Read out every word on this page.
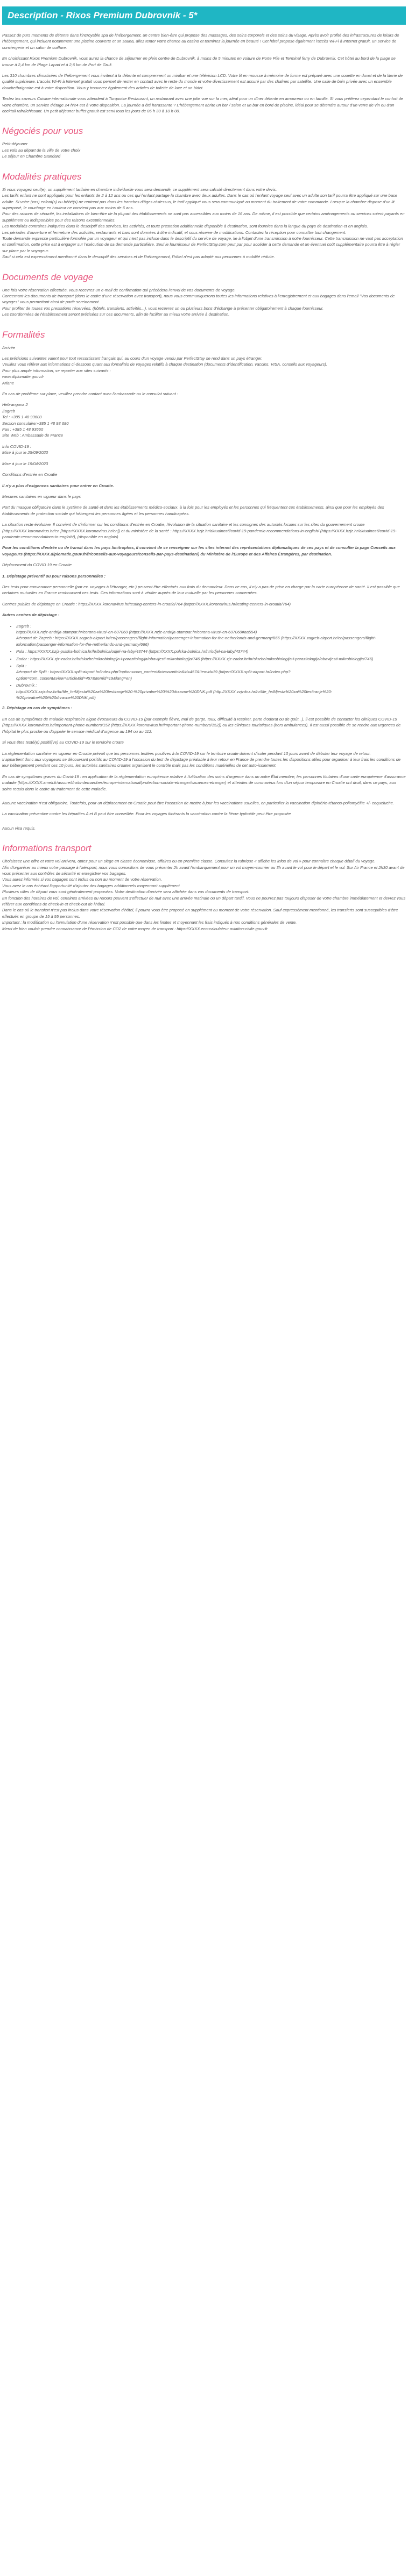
Description - Rixos Premium Dubrovnik - 5*

Passez de purs moments de détente dans l'incroyable spa de l'hébergement, un centre bien-être qui propose des massages, des soins corporels et des soins du visage. Après avoir profité des infrastructures de loisirs de l'hébergement, qui incluent notamment une piscine couverte et un sauna, allez tenter votre chance au casino et terminez la journée en beauté ! Cet hôtel propose également l'accès Wi-Fi à Internet gratuit, un service de conciergerie et un salon de coiffure.

En choisissant Rixos Premium Dubrovnik, vous aurez la chance de séjourner en plein centre de Dubrovnik, à moins de 5 minutes en voiture de Porte Pile et Terminal ferry de Dubrovnik. Cet hôtel au bord de la plage se trouve à 2,4 km de Plage Lapad et à 2,6 km de Port de Gruž.

Les 310 chambres climatisées de l'hébergement vous invitent à la détente et comprennent un minibar et une télévision LCD. Votre lit en mousse à mémoire de forme est préparé avec une couette en duvet et de la literie de qualité supérieure. L'accès Wi-Fi à Internet gratuit vous permet de rester en contact avec le reste du monde et votre divertissement est assuré par des chaînes par satellite. Une salle de bain privée avec un ensemble douche/baignoire est à votre disposition. Vous y trouverez également des articles de toilette de luxe et un bidet.

Testez les saveurs Cuisine internationale vous attendent à Turquoise Restaurant, un restaurant avec une jolie vue sur la mer, idéal pour un dîner détente en amoureux ou en famille. Si vous préférez cependant le confort de votre chambre, un service d'étage 24 h/24 est à votre disposition. La journée a été harassante ? L'hébergement abrite un bar / salon et un bar en bord de piscine, idéal pour se détendre autour d'un verre de vin ou d'un cocktail rafraîchissant. Un petit déjeuner buffet gratuit est servi tous les jours de 06 h 30 à 10 h 00.

Négociés pour vous

Petit-déjeuner
Les vols au départ de la ville de votre choix
Le séjour en Chambre Standard

Modalités pratiques

Si vous voyagez seul(e), un supplément tarifaire en chambre individuelle vous sera demandé, ce supplément sera calculé directement dans votre devis.
Les tarifs enfant ne sont appliqués pour les enfants de 2 à 12 ans ou ces qui l'enfant partage la chambre avec deux adultes. Dans le cas où l'enfant voyage seul avec un adulte son tarif pourra être appliqué sur une base adulte. Si votre (vos) enfant(s) ou bébé(s) ne rentrent pas dans les tranches d'âges ci-dessus, le tarif appliqué vous sera communiqué au moment du traitement de votre commande. Lorsque la chambre dispose d'un lit superposé, le couchage en hauteur ne convient pas aux moins de 6 ans.
Pour des raisons de sécurité, les installations de bien-être de la plupart des établissements ne sont pas accessibles aux moins de 16 ans. De même, il est possible que certains aménagements ou services soient payants en supplément ou indisponibles pour des raisons exceptionnelles.
Les modalités contraires indiquées dans le descriptif des services, les activités, et toute prestation additionnelle disponible à destination, sont fournies dans la langue du pays de destination et en anglais.
Les périodes d'ouverture et fermeture des activités, restaurants et bars sont données à titre indicatif, et sous réserve de modifications. Contactez la réception pour connaître tout changement.
Toute demande expresse particulière formulée par un voyageur et qui n'est pas incluse dans le descriptif du service de voyage, lie à l'objet d'une transmission à notre fournisseur. Cette transmission ne vaut pas acceptation et confirmation, cette prise est à engager sur l'exécution de sa demande particulière. Seul le fournisseur de PerfectStay.com peut par pour accéder à cette demande et un éventuel coût supplémentaire pourra être à régler sur place par le voyageur.
Sauf si cela est expressément mentionné dans le descriptif des services et de l'hébergement, l'hôtel n'est pas adapté aux personnes à mobilité réduite.

Documents de voyage

Une fois votre réservation effectuée, vous recevrez un e-mail de confirmation qui précèdera l'envoi de vos documents de voyage.
Concernant les documents de transport (dans le cadre d'une réservation avec transport), nous vous communiquerons toutes les informations relatives à l'enregistrement et aux bagages dans l'email "Vos documents de voyages" vous permettant ainsi de partir sereinement.
Pour profiter de toutes vos prestations réservées, (hôtels, transferts, activités...), vous recevrez un ou plusieurs bons d'échange à présenter obligatoirement à chaque fournisseur.
Les coordonnées de l'établissement seront précisées sur ces documents, afin de faciliter au mieux votre arrivée à destination.

Formalités

Arrivée

Les précisions suivantes valent pour tout ressortissant français qui, au cours d'un voyage vendu par PerfectStay se rend dans un pays étranger.
Veuillez vous référer aux informations ci-dessous quant aux formalités de voyages relatifs à chaque destination (documents d'identification, vaccins, VISA, conseils aux voyageurs).
Pour plus ample information, se reporter aux sites suivants :
www.diplomatie.gouv.fr
Ariane

En cas de problème sur place, veuillez prendre contact avec l'ambassade ou le consulat suivant :

Hebrangova 2
Zagreb
Tel : +385 1 48 93600
Section consulaire:+385 1 48 93 680
Fax : +385 1 48 93660
Site Web : Ambassade de France

Info COVID-19 :
Mise à jour le 25/09/2020

Mise à jour le 19/04/2023

Conditions d'entrée en Croatie

Il n'y a plus d'exigences sanitaires pour entrer en Croatie.

Mesures sanitaires en vigueur dans le pays

Port du masque obligatoire dans le système de santé et dans les établissements médico-sociaux, à la fois pour les employés et les personnes qui fréquentent ces établissements, ainsi que pour les employés des établissements de protection sociale qui hébergent les personnes âgées et les personnes handicapées.

La situation reste évolutive. Il convient de s'informer sur les conditions d'entrée en Croatie, l'évolution de la situation sanitaire et les consignes des autorités locales sur les sites du gouvernement croate (https://XXXX.koronavirus.hr/en [https://XXXX.koronavirus.hr/en]) et du ministère de la santé : https://XXXX.hzjz.hr/aktualnosti/covid-19-pandemic-recommendations-in-english/ (https://XXXX.hzjz.hr/aktualnosti/covid-19-pandemic-recommendations-in-english/), (disponible en anglais)

Pour les conditions d'entrée ou de transit dans les pays limitrophes, il convient de se renseigner sur les sites internet des représentations diplomatiques de ces pays et de consulter la page Conseils aux voyageurs (https://XXXX.diplomatie.gouv.fr/fr/conseils-aux-voyageurs/conseils-par-pays-destination/) du Ministère de l'Europe et des Affaires Étrangères, par destination.

Déplacement du COVID 19 en Croatie

1. Dépistage préventif ou pour raisons personnelles :

Des tests pour convenance personnelle (par ex. voyages à l'étranger, etc.) peuvent être effectués aux frais du demandeur. Dans ce cas, il n'y a pas de prise en charge par la carte européenne de santé. Il est possible que certaines mutuelles en France remboursent ces tests. Ces informations sont à vérifier auprès de leur mutuelle par les personnes concernées.

Centres publics de dépistage en Croatie : https://XXXX.koronavirus.hr/testing-centers-in-croatia/764 (https://XXXX.koronavirus.hr/testing-centers-in-croatia/764)

Autres centres de dépistage :

• Zagreb :
https://XXXX.nzjz-andrija-stampar.hr/corona-virus/-en-607060 (https://XXXX.nzjz-andrija-stampar.hr/corona-virus/-en-607060#aa554)
Aéroport de Zagreb : https://XXXX.zagreb-airport.hr/en/passengers/flight-information/passenger-information-for-the-netherlands-and-germany/666 (https://XXXX.zagreb-airport.hr/en/passengers/flight-information/passenger-information-for-the-netherlands-and-germany/666)
• Pula : https://XXXX.hzjz-pulska-bolnica.hr/hr/bolnica/odjel-na-laby/43744 (https://XXXX.pulska-bolnica.hr/hr/odjel-na-laby/43744)
• Zadar : https://XXXX.zjz-zadar.hr/hr/sluzbe/mikrobiologija-i-parazitologija/obavijesti-mikrobiologija/746 (https://XXXX.zjz-zadar.hr/hr/sluzbe/mikrobiologija-i-parazitologija/obavijesti-mikrobiologija/746)
• Split :
Aéroport de Split : https://XXXX.split-airport.hr/index.php?option=com_content&view=article&id=457&Itemid=19 (https://XXXX.split-airport.hr/index.php?option=com_content&view=article&id=457&Itemid=19&lang=en)
• Dubrovnik :
http://XXXX.zzjzdnz.hr/hr/file_hr/Mjesta%20za%20testiranje%20-%20privatne%20i%20drzavne%20DNK.pdf (http://XXXX.zzjzdnz.hr/hr/file_hr/Mjesta%20za%20testiranje%20-%20privatne%20i%20drzavne%20DNK.pdf)

2. Dépistage en cas de symptômes :

En cas de symptômes de maladie respiratoire aiguë évocateurs du COVID-19 (par exemple fièvre, mal de gorge, toux, difficulté à respirer, perte d'odorat ou de goût...), il est possible de contacter les cliniques COVID-19 (https://XXXX.koronavirus.hr/important-phone-numbers/152 (https://XXXX.koronavirus.hr/important-phone-numbers/152)) ou les cliniques touristiques (hors ambulances). Il est aussi possible de se rendre aux urgences de l'hôpital le plus proche ou d'appeler le service médical d'urgence au 194 ou au 112.

Si vous êtes testé(e) positif(ve) au COVID-19 sur le territoire croate

La réglementation sanitaire en vigueur en Croatie prévoit que les personnes testées positives à la COVID-19 sur le territoire croate doivent s'isoler pendant 10 jours avant de débuter leur voyage de retour.
Il appartient donc aux voyageurs se découvrant positifs au COVID-19 à l'occasion du test de dépistage préalable à leur retour en France de prendre toutes les dispositions utiles pour organiser à leur frais les conditions de leur hébergement pendant ces 10 jours, les autorités sanitaires croates organisent le contrôle mais pas les conditions matérielles de cet auto-isolement.

En cas de symptômes graves du Covid-19 : en application de la réglementation européenne relative à l'utilisation des soins d'urgence dans un autre État membre, les personnes titulaires d'une carte européenne d'assurance maladie (https://XXXX.ameli.fr/assure/droits-demarches/europe-international/protection-sociale-etranger/vacances-etranger) et atteintes de coronavirus lors d'un séjour temporaire en Croatie ont droit, dans ce pays, aux soins requis dans le cadre du traitement de cette maladie.

Aucune vaccination n'est obligatoire. Toutefois, pour un déplacement en Croatie peut être l'occasion de mettre à jour les vaccinations usuelles, en particulier la vaccination diphtérie-tétanos-poliomyélite +/- coqueluche.

La vaccination préventive contre les hépatites A et B peut être conseillée. Pour les voyages itinérants la vaccination contre la fièvre typhoïde peut être proposée

Aucun visa requis.

Informations transport

Choisissez une offre et votre vol arrivera, optez pour un siège en classe économique, affaires ou en première classe. Consultez la rubrique « affiche les infos de vol » pour connaître chaque détail du voyage.
Afin d'organiser au mieux votre passage à l'aéroport, nous vous conseillons de vous présenter 2h avant l'embarquement pour un vol moyen-courrier ou 3h avant le vol pour le départ et le vol. Sur Air France et 2h30 avant de vous présenter aux contrôles de sécurité et enregistrer vos bagages.
Vous aurez informés si vos bagages sont inclus ou non au moment de votre réservation.
Vous avez le cas échéant l'opportunité d'ajouter des bagages additionnels moyennant supplément
Plusieurs villes de départ vous sont généralement proposées. Votre destination d'arrivée sera affichée dans vos documents de transport.
En fonction des horaires de vol, certaines arrivées ou retours peuvent s'effectuer de nuit avec une arrivée matinale ou un départ tardif. Vous ne pourrez pas toujours disposer de votre chambre immédiatement et devrez vous référer aux conditions de check-in et check-out de l'hôtel.
Dans le cas où le transfert n'est pas inclus dans votre réservation d'hôtel, il pourra vous être proposé en supplément au moment de votre réservation. Sauf expressément mentionné, les transferts sont susceptibles d'être effectués en groupe de 15 à 55 personnes.
Important : la modification ou l'annulation d'une réservation n'est possible que dans les limites et moyennant les frais indiqués à nos conditions générales de vente.
Merci de bien vouloir prendre connaissance de l'émission de CO2 de votre moyen de transport : https://XXXX.eco-calculateur.aviation-civile.gouv.fr
